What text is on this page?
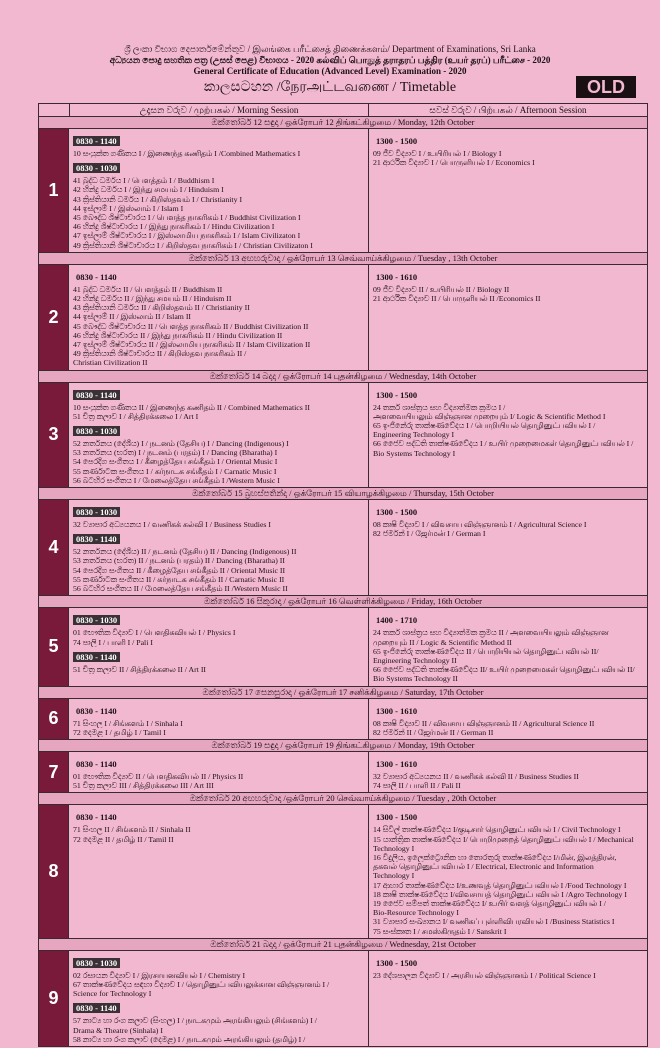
ශ්‍රී ලංකා විභාග දෙපාර්තමේන්තුව / இலங்கை பரீட்சைத் திணைக்களம்/ Department of Examinations, Sri Lanka
අධ්‍යයන පොදු සහතික පත්‍ර (උසස් පෙළ) විභාගය - 2020 கல்விப் பொதுத் தராதரப் பத்திர (உயர் தரப்) பரீட்சை - 2020
General Certificate of Education (Advanced Level) Examination - 2020
කාලසටහන /நேரஅட்டவணை / Timetable	OLD
උදෑසන වරුව / முற்பகல் / Morning Session	සවස් වරුව / பிற்பகல் / Afternoon Session
ඔක්තෝබර් 12 සඳුදා / ஒக்ரோபர் 12 திங்கட்கிழமை / Monday, 12th October
1
0830 - 1140
10 සංයුක්ත ගණිතය I / இணைந்த கணிதம் I /Combined Mathematics I
0830 - 1030
41 බුද්ධ ධර්මය I / பௌத்தம் I / Buddhism I
42 හින්දු ධර්මය I / இந்து சமயம் I / Hinduism I
43 ක්‍රිස්තියානි ධර්මය I / கிறிஸ்தவம் I / Christianity I
44 ඉස්ලාම් I / இஸ்லாம் I / Islam I
45 බෞද්ධ ශිෂ්ටාචාරය I / பௌத்த நாகரிகம் I / Buddhist Civilization I
46 හින්දු ශිෂ්ටාචාරය I / இந்து நாகரிகம் I / Hindu Civilization I
47 ඉස්ලාම් ශිෂ්ටාචාරය I / இஸ்லாமிய நாகரிகம் I / Islam Civilizaton I
49 ක්‍රිස්තියානි ශිෂ්ටාචාරය I / கிறிஸ்தவ நாகரிகம் I / Christian Civilizaton I
1300 - 1500
09 ජීව විද්‍යාව I / உயிரியல் I / Biology I
21 ආර්ථික විද්‍යාව I / பொருளியல் I / Economics I
ඔක්තෝබර් 13 අඟහරුවාදා / ஒக்ரோபர் 13 செவ்வாய்க்கிழமை / Tuesday , 13th October
2
0830 - 1140
41 බුද්ධ ධර්මය II / பௌத்தம் II / Buddhism II
42 හින්දු ධර්මය II / இந்து சமயம் II / Hinduism II
43 ක්‍රිස්තියානි ධර්මය II / கிறிஸ்தவம் II / Christianity II
44 ඉස්ලාම් II / இஸ்லாம் II / Islam II
45 බෞද්ධ ශිෂ්ටාචාරය II / பௌத்த நாகரிகம் II / Buddhist Civilization II
46 හින්දු ශිෂ්ටාචාරය II / இந்து நாகரிகம் II / Hindu Civilization II
47 ඉස්ලාම් ශිෂ්ටාචාරය II / இஸ்லாமிய நாகரிகம் II / Islam Civilization II
49 ක්‍රිස්තියානි ශිෂ්ටාචාරය II / கிறிஸ்தவ நாகரிகம் II /
Christian Civilization II
1300 - 1610
09 ජීව විද්‍යාව II / உயிரியல் II / Biology II
21 ආර්ථික විද්‍යාව II / பொருளியல் II /Economics II
ඔක්තෝබර් 14 බදාදා / ஒக்ரோபர் 14 புதன்கிழமை / Wednesday, 14th October
3
0830 - 1140
10 සංයුක්ත ගණිතය II / இணைந்த கணிதம் II / Combined Mathematics II
51 චිත්‍ර කලාව I / சித்திரக்கலை I / Art I
0830 - 1030
52 නර්තනය (දේශීය) I / நடனம் (தேசிய) I / Dancing (Indigenous) I
53 නර්තනය (භරත) I / நடனம் (பரதம்) I / Dancing (Bharatha) I
54 පෙරදිග සංගීතය I / கீழைத்தேய சங்கீதம் I / Oriental Music I
55 කර්ණාටක සංගීතය I / கர்நாடக சங்கீதம் I / Carnatic Music I
56 බටහිර සංගීතය I / மேலைத்தேய சங்கீதம் I /Western Music I
1300 - 1500
24 තර්ක ශාස්ත්‍රය සහ විද්‍යාත්මක ක්‍රමය I /
அளவையியலும் விஞ்ஞான முறையும் I/ Logic & Scientific Method I
65 ඉංජිනේරු තාක්ෂණවේදය I / பொறியியல் தொழினுட்பவியல் I /
Engineering Technology I
66 ජෛව පද්ධති තාක්ෂණවේදය I / உயிர் முறைமைகள் தொழினுட்பவியல் I /
Bio Systems Technology I
ඔක්තෝබර් 15 බ්‍රහස්පතින්දා / ஒக்ரோபர் 15 வியாழக்கிழமை / Thursday, 15th October
4
0830 - 1030
32 ව්‍යාපාර අධ්‍යයනය I / வணிகக் கல்வி I / Business Studies I
0830 - 1140
52 නර්තනය (දේශීය) II / நடனம் (தேசிய) II / Dancing (Indigenous) II
53 නර්තනය (භරත) II / நடனம் (பரதம்) II / Dancing (Bharatha) II
54 පෙරදිග සංගීතය II / கீழைத்தேய சங்கீதம் II / Oriental Music II
55 කර්ණාටක සංගීතය II / கர்நாடக சங்கீதம் II / Carnatic Music II
56 බටහිර සංගීතය II / மேலைத்தேய சங்கீதம் II /Western Music II
1300 - 1500
08 කෘෂි විද්‍යාව I / விவசாய விஞ்ஞானம் I / Agricultural Science I
82 ජර්මන් I / ஜேர்மன் I / German I
ඔක්තෝබර් 16 සිකුරාදා / ஒக்ரோபர் 16 வெள்ளிக்கிழமை / Friday, 16th October
5
0830 - 1030
01 භෞතික විද්‍යාව I / பௌதிகவியல் I / Physics I
74 පාලි I / பாளி I / Pali I
0830 - 1140
51 චිත්‍ර කලාව II / சித்திரக்கலை II / Art II
1400 - 1710
24 තර්ක ශාස්ත්‍රය සහ විද්‍යාත්මක ක්‍රමය II / அளவையியலும் விஞ்ஞான
முறையும் II / Logic & Scientific Method II
65 ඉංජිනේරු තාක්ෂණවේදය II / பொறியியல் தொழினுட்பவியல் II/
Engineering Technology II
66 ජෛව පද්ධති තාක්ෂණවේදය II/ உயிர் முறைமைகள் தொழினுட்பவியல் II/
Bio Systems Technology II
ඔක්තෝබර් 17 සෙනසුරාදා / ஒக்ரோபர் 17 சனிக்கிழமை / Saturday, 17th October
6	0830 - 1140
71 සිංහල I / சிங்களம் I / Sinhala I
72 දෙමළ I / தமிழ் I / Tamil I
1300 - 1610
08 කෘෂි විද්‍යාව II / விவசாய விஞ்ஞானம் II / Agricultural Science II
82 ජර්මන් II / ஜேர்மன் II / German II
ඔක්තෝබර් 19 සඳුදා / ஒக்ரோபர் 19 திங்கட்கிழமை / Monday, 19th October
7	0830 - 1140
01 භෞතික විද්‍යාව II / பௌதிகவியல் II / Physics II
51 චිත්‍ර කලාව III / சித்திரக்கலை III / Art III
1300 - 1610
32 ව්‍යාපාර අධ්‍යයනය II / வணிகக் கல்வி II / Business Studies II
74 පාලි II / பாளி II / Pali II
ඔක්තෝබර් 20 අඟහරුවාදා /ஒக்ரோபர் 20 செவ்வாய்க்கிழமை / Tuesday , 20th October
8
0830 - 1140
71 සිංහල II / சிங்களம் II / Sinhala II
72 දෙමළ II / தமிழ் II / Tamil II
1300 - 1500
14 සිවිල් තාක්ෂණවේදය I/குடிசார் தொழினுட்பவியல் I / Civil Technology I
15 යාන්ත්‍රික තාක්ෂණවේදය I/ பொறிமுறைத் தொழினுட்பவியல் I / Mechanical
Technology I
16 විදුලිය, ඉලෙක්ට්‍රොනික හා තොරතුරු තාක්ෂණවේදය I/மின், இலத்திரன்,
தகவல் தொழினுட்பவியல் I / Electrical, Electronic and Information
Technology I
17 ආහාර තාක්ෂණවේදය I/உணவுத் தொழினுட்பவியல் I /Food Technology I
18 කෘෂි තාක්ෂණවේදය I/விவசாயத் தொழினுட்பவியல் I /Agro Technology I
19 ජෛව සම්පත් තාක්ෂණවේදය I/ உயிர் வளத் தொழினுட்பவியல் I /
Bio-Resource Technology I
31 ව්‍යාපාර සංඛ්‍යානය I/ வணிகப் புள்ளிவிபரவியல் I /Business Statistics I
75 සංස්කෘත I / சமஸ்கிருதம் I / Sanskrit I
ඔක්තෝබර් 21 බදාදා / ஒக்ரோபர் 21 புதன்கிழமை / Wednesday, 21st October
9
0830 - 1030
02 රසායන විද්‍යාව I / இரசாயனவியல் I / Chemistry I
67 තාක්ෂණවේදය සඳහා විද්‍යාව I / தொழினுட்பவியலுக்கான விஞ்ஞானம் I /
Science for Technology I
0830 - 1140
57 නාට්‍ය හා රංග කලාව (සිංහල) I / நாடகமும் அரங்கியலும் (சிங்களம்) I /
Drama & Theatre (Sinhala) I
58 නාට්‍ය හා රංග කලාව (දෙමළ) I / நாடகமும் அரங்கியலும் (தமிழ்) I /
1300 - 1500
23 දේශපාලන විද්‍යාව I / அரசியல் விஞ்ஞானம் I / Political Science I
